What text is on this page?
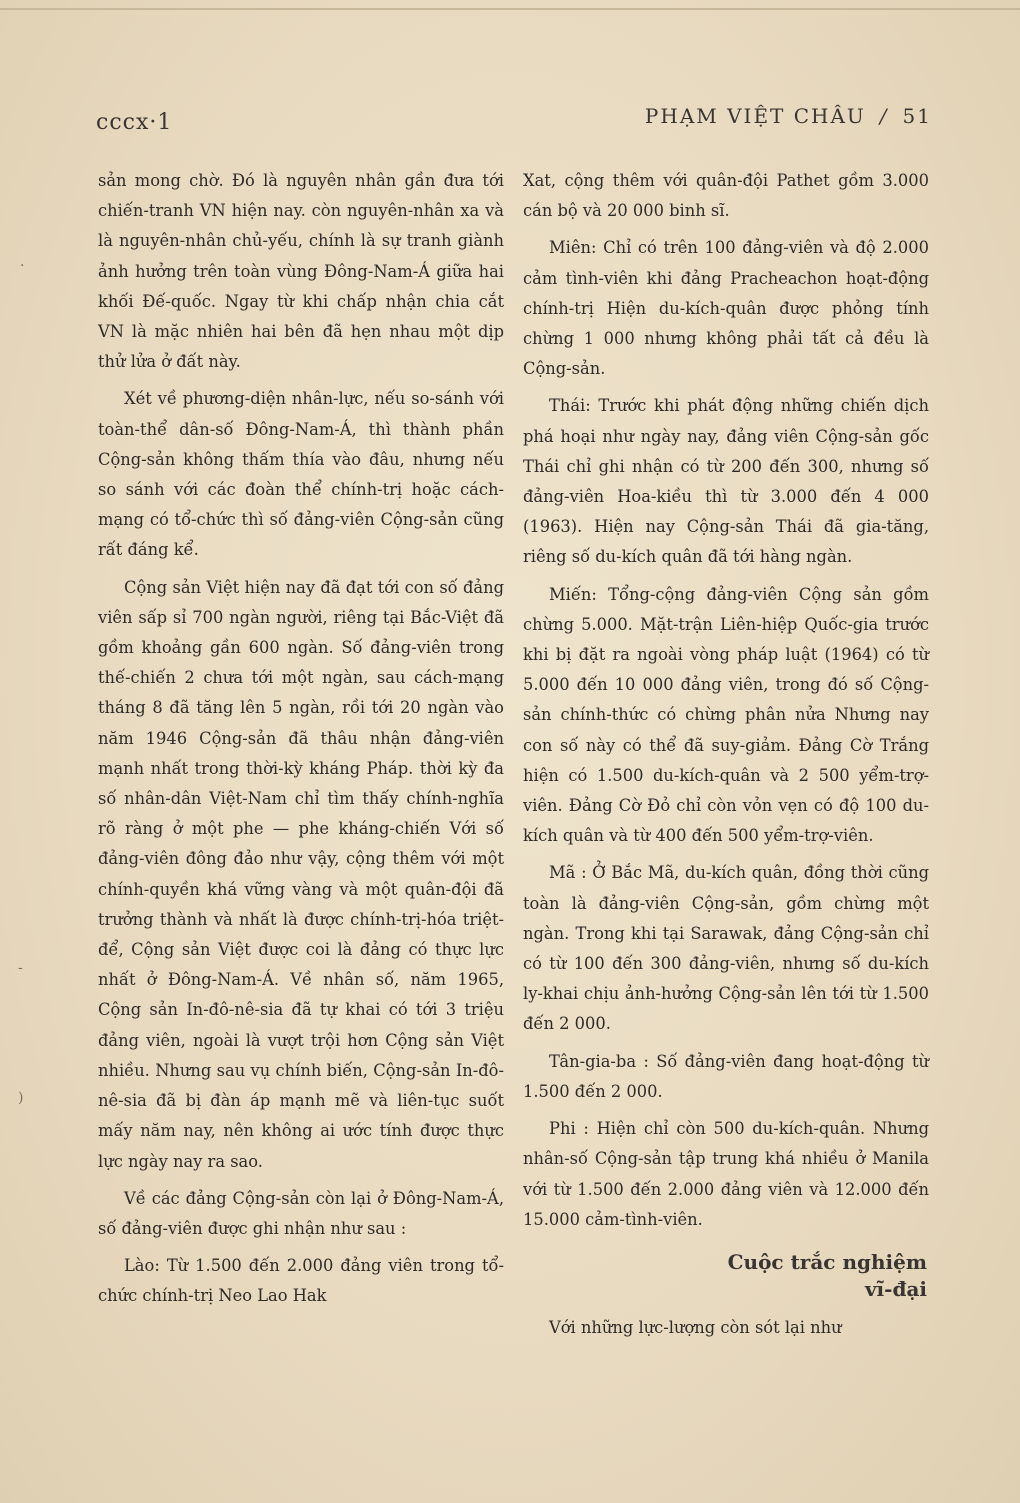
cccx·1	PHẠM VIỆT CHÂU / 51

sản mong chờ. Đó là nguyên nhân gần đưa tới chiến-tranh VN hiện nay. còn nguyên-nhân xa và là nguyên-nhân chủ-yếu, chính là sự tranh giành ảnh hưởng trên toàn vùng Đông-Nam-Á giữa hai khối Đế-quốc. Ngay từ khi chấp nhận chia cắt VN là mặc nhiên hai bên đã hẹn nhau một dịp thử lửa ở đất này.

Xét về phương-diện nhân-lực, nếu so-sánh với toàn-thể dân-số Đông-Nam-Á, thì thành phần Cộng-sản không thấm thía vào đâu, nhưng nếu so sánh với các đoàn thể chính-trị hoặc cách-mạng có tổ-chức thì số đảng-viên Cộng-sản cũng rất đáng kể.

Cộng sản Việt hiện nay đã đạt tới con số đảng viên sấp sỉ 700 ngàn người, riêng tại Bắc-Việt đã gồm khoảng gần 600 ngàn. Số đảng-viên trong thế-chiến 2 chưa tới một ngàn, sau cách-mạng tháng 8 đã tăng lên 5 ngàn, rồi tới 20 ngàn vào năm 1946 Cộng-sản đã thâu nhận đảng-viên mạnh nhất trong thời-kỳ kháng Pháp. thời kỳ đa số nhân-dân Việt-Nam chỉ tìm thấy chính-nghĩa rõ ràng ở một phe — phe kháng-chiến Với số đảng-viên đông đảo như vậy, cộng thêm với một chính-quyền khá vững vàng và một quân-đội đã trưởng thành và nhất là được chính-trị-hóa triệt-để, Cộng sản Việt được coi là đảng có thực lực nhất ở Đông-Nam-Á. Về nhân số, năm 1965, Cộng sản In-đô-nê-sia đã tự khai có tới 3 triệu đảng viên, ngoài là vượt trội hơn Cộng sản Việt nhiều. Nhưng sau vụ chính biến, Cộng-sản In-đô-nê-sia đã bị đàn áp mạnh mẽ và liên-tục suốt mấy năm nay, nên không ai ước tính được thực lực ngày nay ra sao.

Về các đảng Cộng-sản còn lại ở Đông-Nam-Á, số đảng-viên được ghi nhận như sau :

Lào: Từ 1.500 đến 2.000 đảng viên trong tổ-chức chính-trị Neo Lao Hak

Xat, cộng thêm với quân-đội Pathet gồm 3.000 cán bộ và 20 000 binh sĩ.

Miên: Chỉ có trên 100 đảng-viên và độ 2.000 cảm tình-viên khi đảng Pracheachon hoạt-động chính-trị Hiện du-kích-quân được phỏng tính chừng 1 000 nhưng không phải tất cả đều là Cộng-sản.

Thái: Trước khi phát động những chiến dịch phá hoại như ngày nay, đảng viên Cộng-sản gốc Thái chỉ ghi nhận có từ 200 đến 300, nhưng số đảng-viên Hoa-kiều thì từ 3.000 đến 4 000 (1963). Hiện nay Cộng-sản Thái đã gia-tăng, riêng số du-kích quân đã tới hàng ngàn.

Miến: Tổng-cộng đảng-viên Cộng sản gồm chừng 5.000. Mặt-trận Liên-hiệp Quốc-gia trước khi bị đặt ra ngoài vòng pháp luật (1964) có từ 5.000 đến 10 000 đảng viên, trong đó số Cộng-sản chính-thức có chừng phân nửa Nhưng nay con số này có thể đã suy-giảm. Đảng Cờ Trắng hiện có 1.500 du-kích-quân và 2 500 yểm-trợ-viên. Đảng Cờ Đỏ chỉ còn vỏn vẹn có độ 100 du-kích quân và từ 400 đến 500 yểm-trợ-viên.

Mã : Ở Bắc Mã, du-kích quân, đồng thời cũng toàn là đảng-viên Cộng-sản, gồm chừng một ngàn. Trong khi tại Sarawak, đảng Cộng-sản chỉ có từ 100 đến 300 đảng-viên, nhưng số du-kích ly-khai chịu ảnh-hưởng Cộng-sản lên tới từ 1.500 đến 2 000.

Tân-gia-ba : Số đảng-viên đang hoạt-động từ 1.500 đến 2 000.

Phi : Hiện chỉ còn 500 du-kích-quân. Nhưng nhân-số Cộng-sản tập trung khá nhiều ở Manila với từ 1.500 đến 2.000 đảng viên và 12.000 đến 15.000 cảm-tình-viên.

Cuộc trắc nghiệm
vĩ-đại

Với những lực-lượng còn sót lại như

·
-
)
